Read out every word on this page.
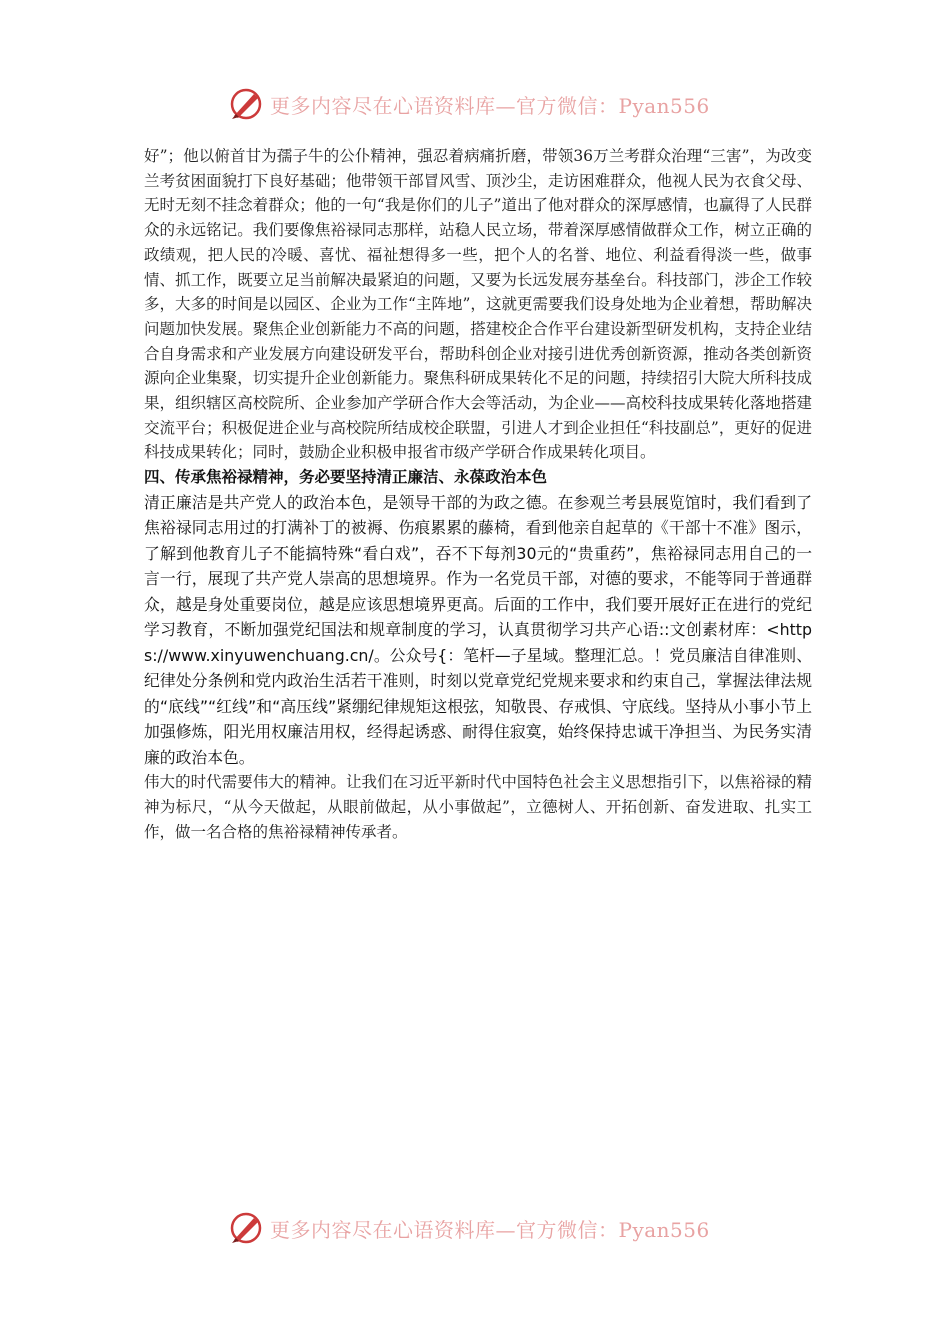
更多内容尽在心语资料库—官方微信：Pyan556

好”；他以俯首甘为孺子牛的公仆精神，强忍着病痛折磨，带领36万兰考群众治理“三害”，为改变兰考贫困面貌打下良好基础；他带领干部冒风雪、顶沙尘，走访困难群众，他视人民为衣食父母、无时无刻不挂念着群众；他的一句“我是你们的儿子”道出了他对群众的深厚感情，也赢得了人民群众的永远铭记。我们要像焦裕禄同志那样，站稳人民立场，带着深厚感情做群众工作，树立正确的政绩观，把人民的冷暖、喜忧、福祉想得多一些，把个人的名誉、地位、利益看得淡一些，做事情、抓工作，既要立足当前解决最紧迫的问题，又要为长远发展夯基垒台。科技部门，涉企工作较多，大多的时间是以园区、企业为工作“主阵地”，这就更需要我们设身处地为企业着想，帮助解决问题加快发展。聚焦企业创新能力不高的问题，搭建校企合作平台建设新型研发机构，支持企业结合自身需求和产业发展方向建设研发平台，帮助科创企业对接引进优秀创新资源，推动各类创新资源向企业集聚，切实提升企业创新能力。聚焦科研成果转化不足的问题，持续招引大院大所科技成果，组织辖区高校院所、企业参加产学研合作大会等活动，为企业——高校科技成果转化落地搭建交流平台；积极促进企业与高校院所结成校企联盟，引进人才到企业担任“科技副总”，更好的促进科技成果转化；同时，鼓励企业积极申报省市级产学研合作成果转化项目。

四、传承焦裕禄精神，务必要坚持清正廉洁、永葆政治本色

清正廉洁是共产党人的政治本色，是领导干部的为政之德。在参观兰考县展览馆时，我们看到了焦裕禄同志用过的打满补丁的被褥、伤痕累累的藤椅，看到他亲自起草的《干部十不准》图示，了解到他教育儿子不能搞特殊“看白戏”，吞不下每剂30元的“贵重药”，焦裕禄同志用自己的一言一行，展现了共产党人崇高的思想境界。作为一名党员干部，对德的要求，不能等同于普通群众，越是身处重要岗位，越是应该思想境界更高。后面的工作中，我们要开展好正在进行的党纪学习教育，不断加强党纪国法和规章制度的学习，认真贯彻学习共产心语::文创素材库：<https://www.xinyuwenchuang.cn/。公众号{：笔杆—子星域。整理汇总。！党员廉洁自律准则、纪律处分条例和党内政治生活若干准则，时刻以党章党纪党规来要求和约束自己，掌握法律法规的“底线”“红线”和“高压线”紧绷纪律规矩这根弦，知敬畏、存戒惧、守底线。坚持从小事小节上加强修炼，阳光用权廉洁用权，经得起诱惑、耐得住寂寞，始终保持忠诚干净担当、为民务实清廉的政治本色。

伟大的时代需要伟大的精神。让我们在习近平新时代中国特色社会主义思想指引下，以焦裕禄的精神为标尺，“从今天做起，从眼前做起，从小事做起”，立德树人、开拓创新、奋发进取、扎实工作，做一名合格的焦裕禄精神传承者。

更多内容尽在心语资料库—官方微信：Pyan556
